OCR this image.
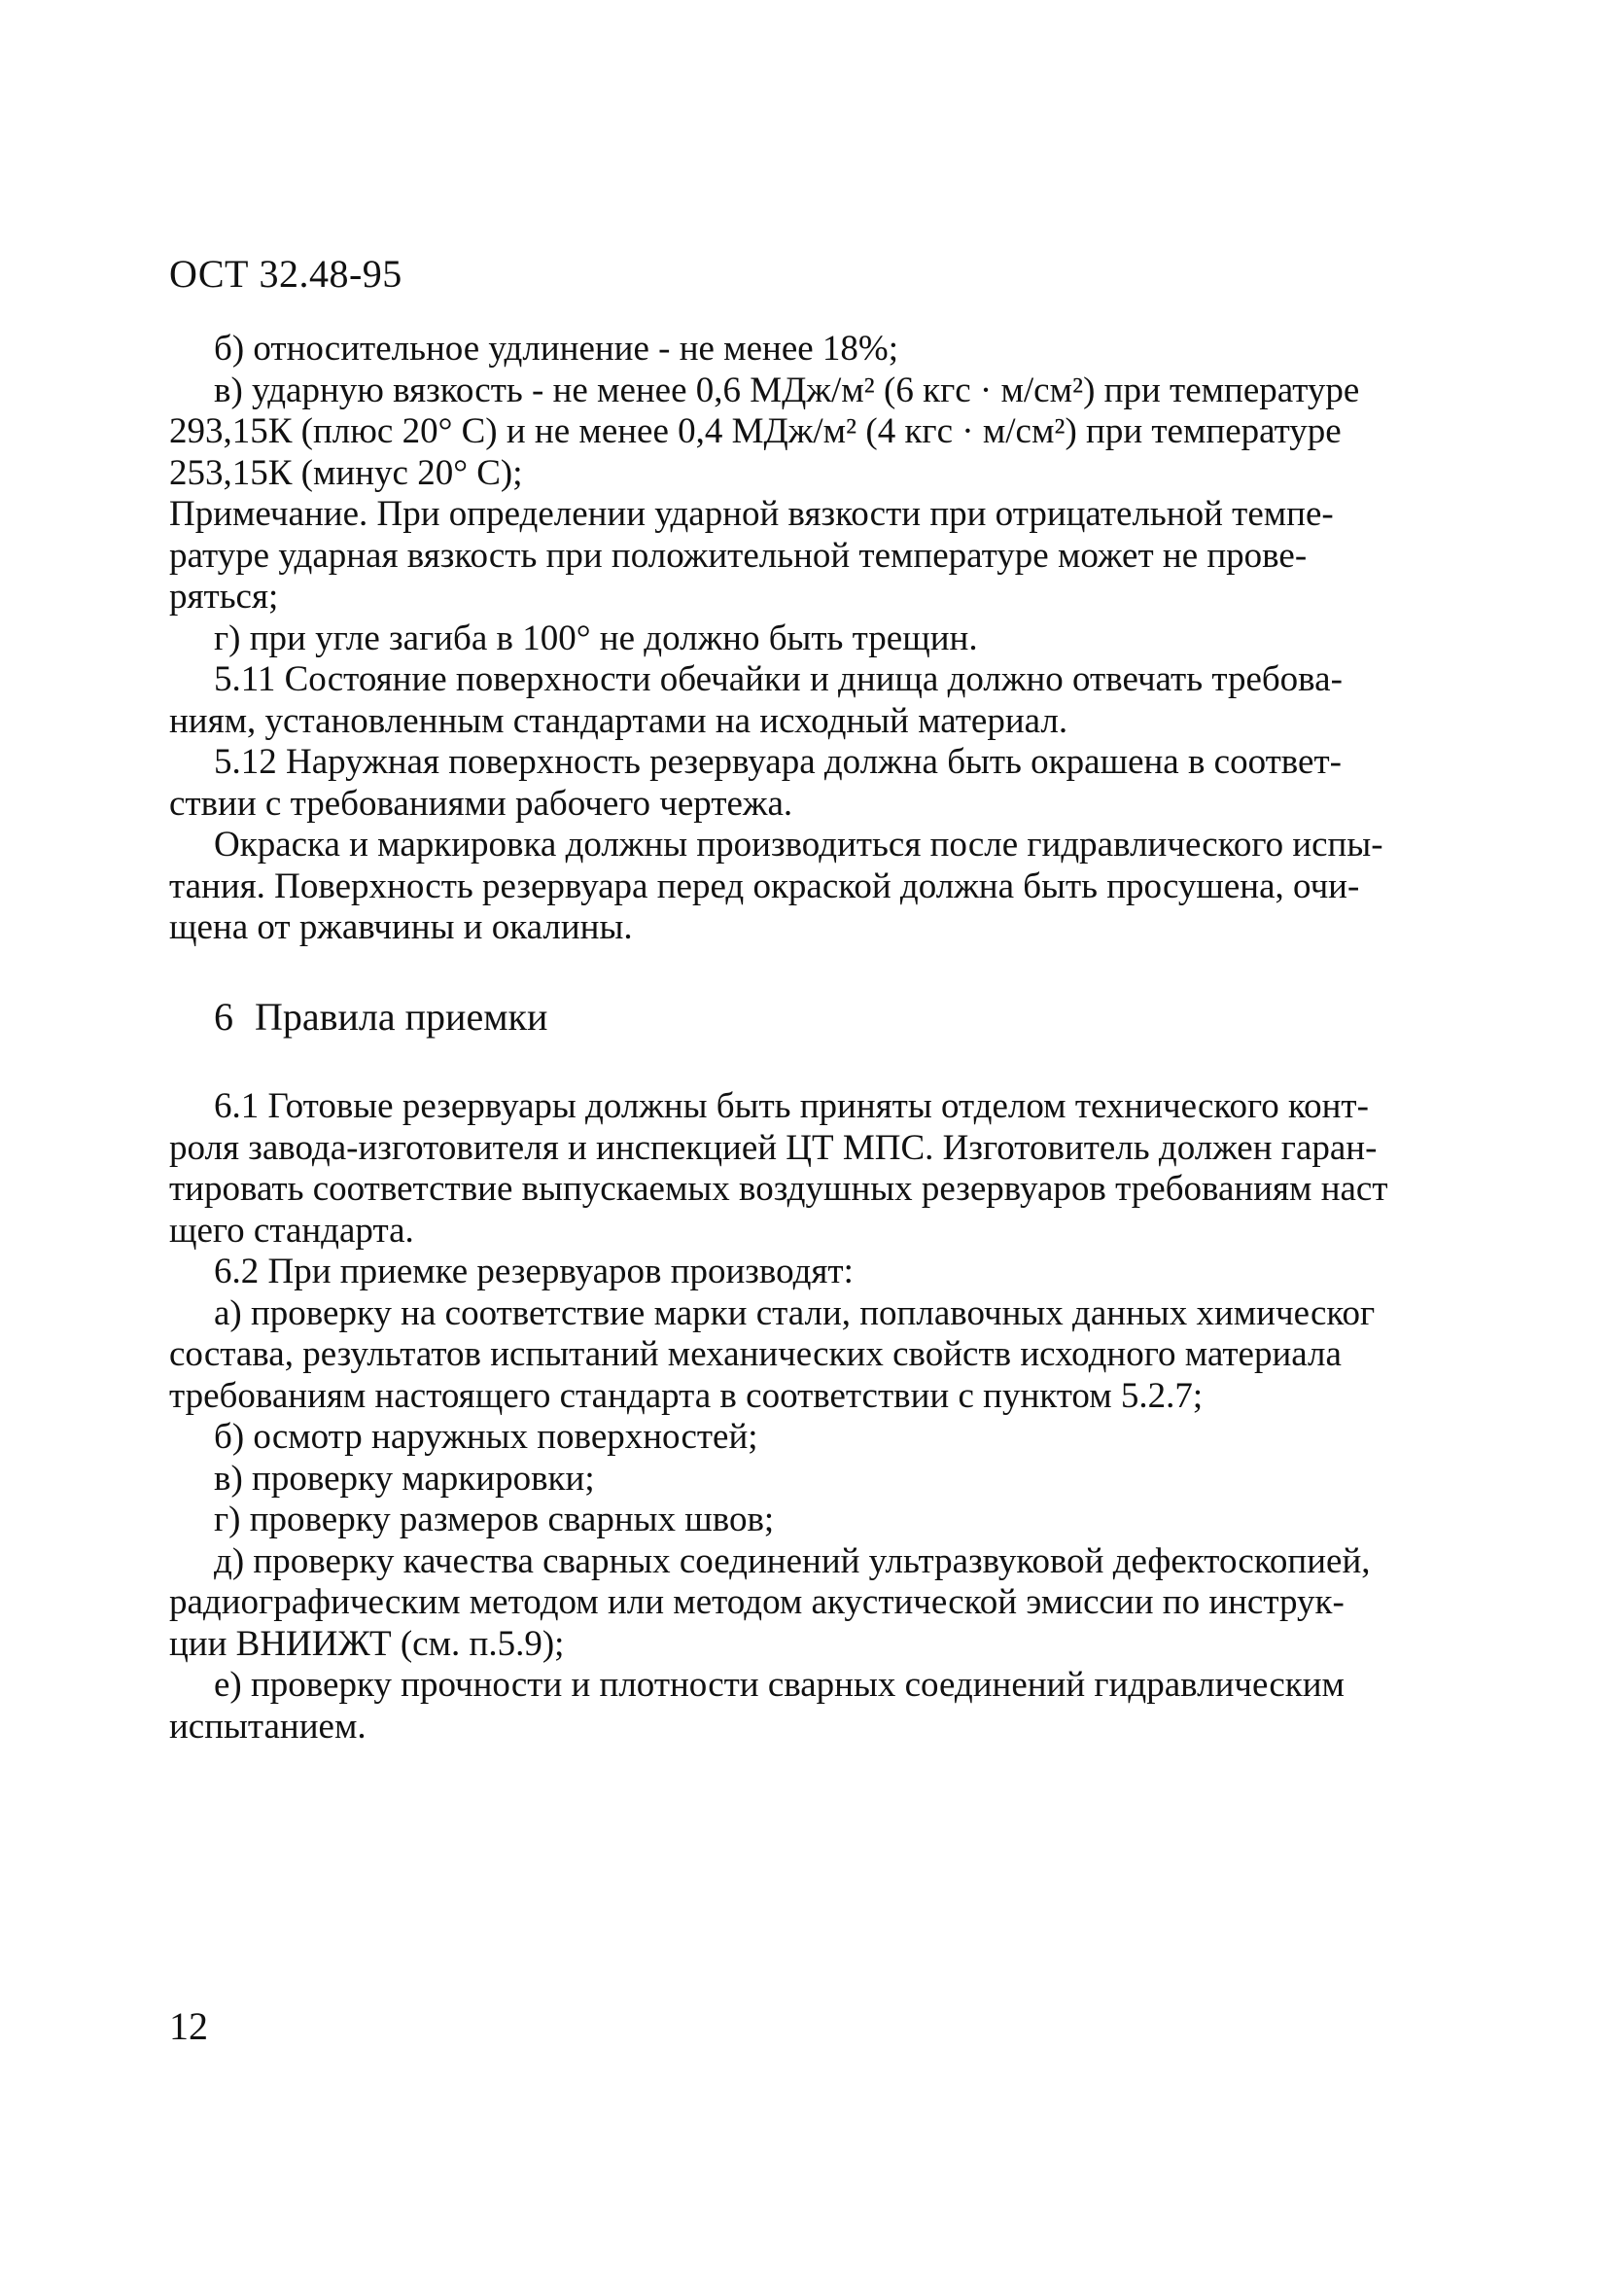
ОСТ 32.48-95
б) относительное удлинение - не менее 18%;
в) ударную вязкость - не менее 0,6 МДж/м² (6 кгс · м/см²) при температуре
293,15К (плюс 20° С) и не менее 0,4 МДж/м² (4 кгс · м/см²) при температуре
253,15К (минус 20° С);
Примечание. При определении ударной вязкости при отрицательной темпе-
ратуре ударная вязкость при положительной температуре может не прове-
ряться;
г) при угле загиба в 100° не должно быть трещин.
5.11 Состояние поверхности обечайки и днища должно отвечать требова-
ниям, установленным стандартами на исходный материал.
5.12 Наружная поверхность резервуара должна быть окрашена в соответ-
ствии с требованиями рабочего чертежа.
Окраска и маркировка должны производиться после гидравлического испы-
тания. Поверхность резервуара перед окраской должна быть просушена, очи-
щена от ржавчины и окалины.
6 Правила приемки
6.1 Готовые резервуары должны быть приняты отделом технического конт-
роля завода-изготовителя и инспекцией ЦТ МПС. Изготовитель должен гаран-
тировать соответствие выпускаемых воздушных резервуаров требованиям наст
щего стандарта.
6.2 При приемке резервуаров производят:
а) проверку на соответствие марки стали, поплавочных данных химическог
состава, результатов испытаний механических свойств исходного материала
требованиям настоящего стандарта в соответствии с пунктом 5.2.7;
б) осмотр наружных поверхностей;
в) проверку маркировки;
г) проверку размеров сварных швов;
д) проверку качества сварных соединений ультразвуковой дефектоскопией,
радиографическим методом или методом акустической эмиссии по инструк-
ции ВНИИЖТ (см. п.5.9);
е) проверку прочности и плотности сварных соединений гидравлическим
испытанием.
12
